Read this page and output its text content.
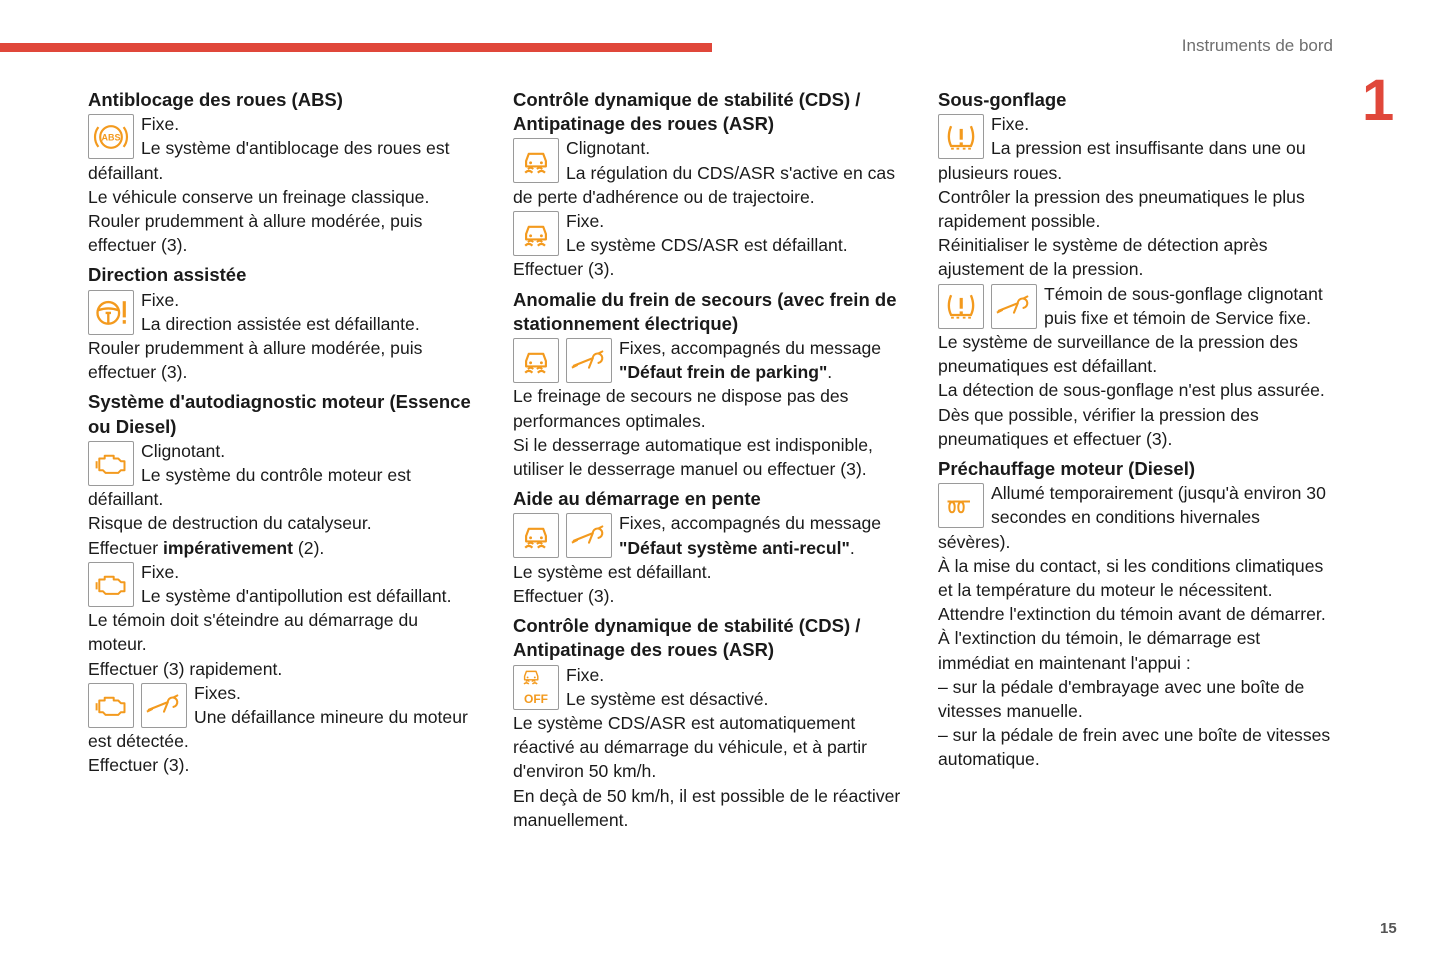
Instruments de bord
1
15
Antiblocage des roues (ABS)
Fixe.
Le système d'antiblocage des roues est défaillant.

Le véhicule conserve un freinage classique.

Rouler prudemment à allure modérée, puis effectuer (3).

Direction assistée
Fixe.
La direction assistée est défaillante.

Rouler prudemment à allure modérée, puis effectuer (3).

Système d'autodiagnostic moteur (Essence ou Diesel)
Clignotant.
Le système du contrôle moteur est défaillant.

Risque de destruction du catalyseur.

Effectuer impérativement (2).

Fixe.
Le système d'antipollution est défaillant.

Le témoin doit s'éteindre au démarrage du moteur.

Effectuer (3) rapidement.

Fixes.
Une défaillance mineure du moteur est détectée.

Effectuer (3).

Contrôle dynamique de stabilité (CDS) / Antipatinage des roues (ASR)
Clignotant.
La régulation du CDS/ASR s'active en cas de perte d'adhérence ou de trajectoire.
Fixe.
Le système CDS/ASR est défaillant.

Effectuer (3).

Anomalie du frein de secours (avec frein de stationnement électrique)
Fixes, accompagnés du message "Défaut frein de parking".

Le freinage de secours ne dispose pas des performances optimales.

Si le desserrage automatique est indisponible, utiliser le desserrage manuel ou effectuer (3).

Aide au démarrage en pente
Fixes, accompagnés du message "Défaut système anti-recul".

Le système est défaillant.

Effectuer (3).

Contrôle dynamique de stabilité (CDS) / Antipatinage des roues (ASR)
OFF
Fixe.
Le système est désactivé.

Le système CDS/ASR est automatiquement réactivé au démarrage du véhicule, et à partir d'environ 50 km/h.

En deçà de 50 km/h, il est possible de le réactiver manuellement.

Sous-gonflage
Fixe.
La pression est insuffisante dans une ou plusieurs roues.

Contrôler la pression des pneumatiques le plus rapidement possible.

Réinitialiser le système de détection après ajustement de la pression.

Témoin de sous-gonflage clignotant puis fixe et témoin de Service fixe.

Le système de surveillance de la pression des pneumatiques est défaillant.

La détection de sous-gonflage n'est plus assurée.

Dès que possible, vérifier la pression des pneumatiques et effectuer (3).

Préchauffage moteur (Diesel)
Allumé temporairement (jusqu'à environ 30 secondes en conditions hivernales sévères).

À la mise du contact, si les conditions climatiques et la température du moteur le nécessitent.

Attendre l'extinction du témoin avant de démarrer.

À l'extinction du témoin, le démarrage est immédiat en maintenant l'appui :

– sur la pédale d'embrayage avec une boîte de vitesses manuelle.

– sur la pédale de frein avec une boîte de vitesses automatique.
